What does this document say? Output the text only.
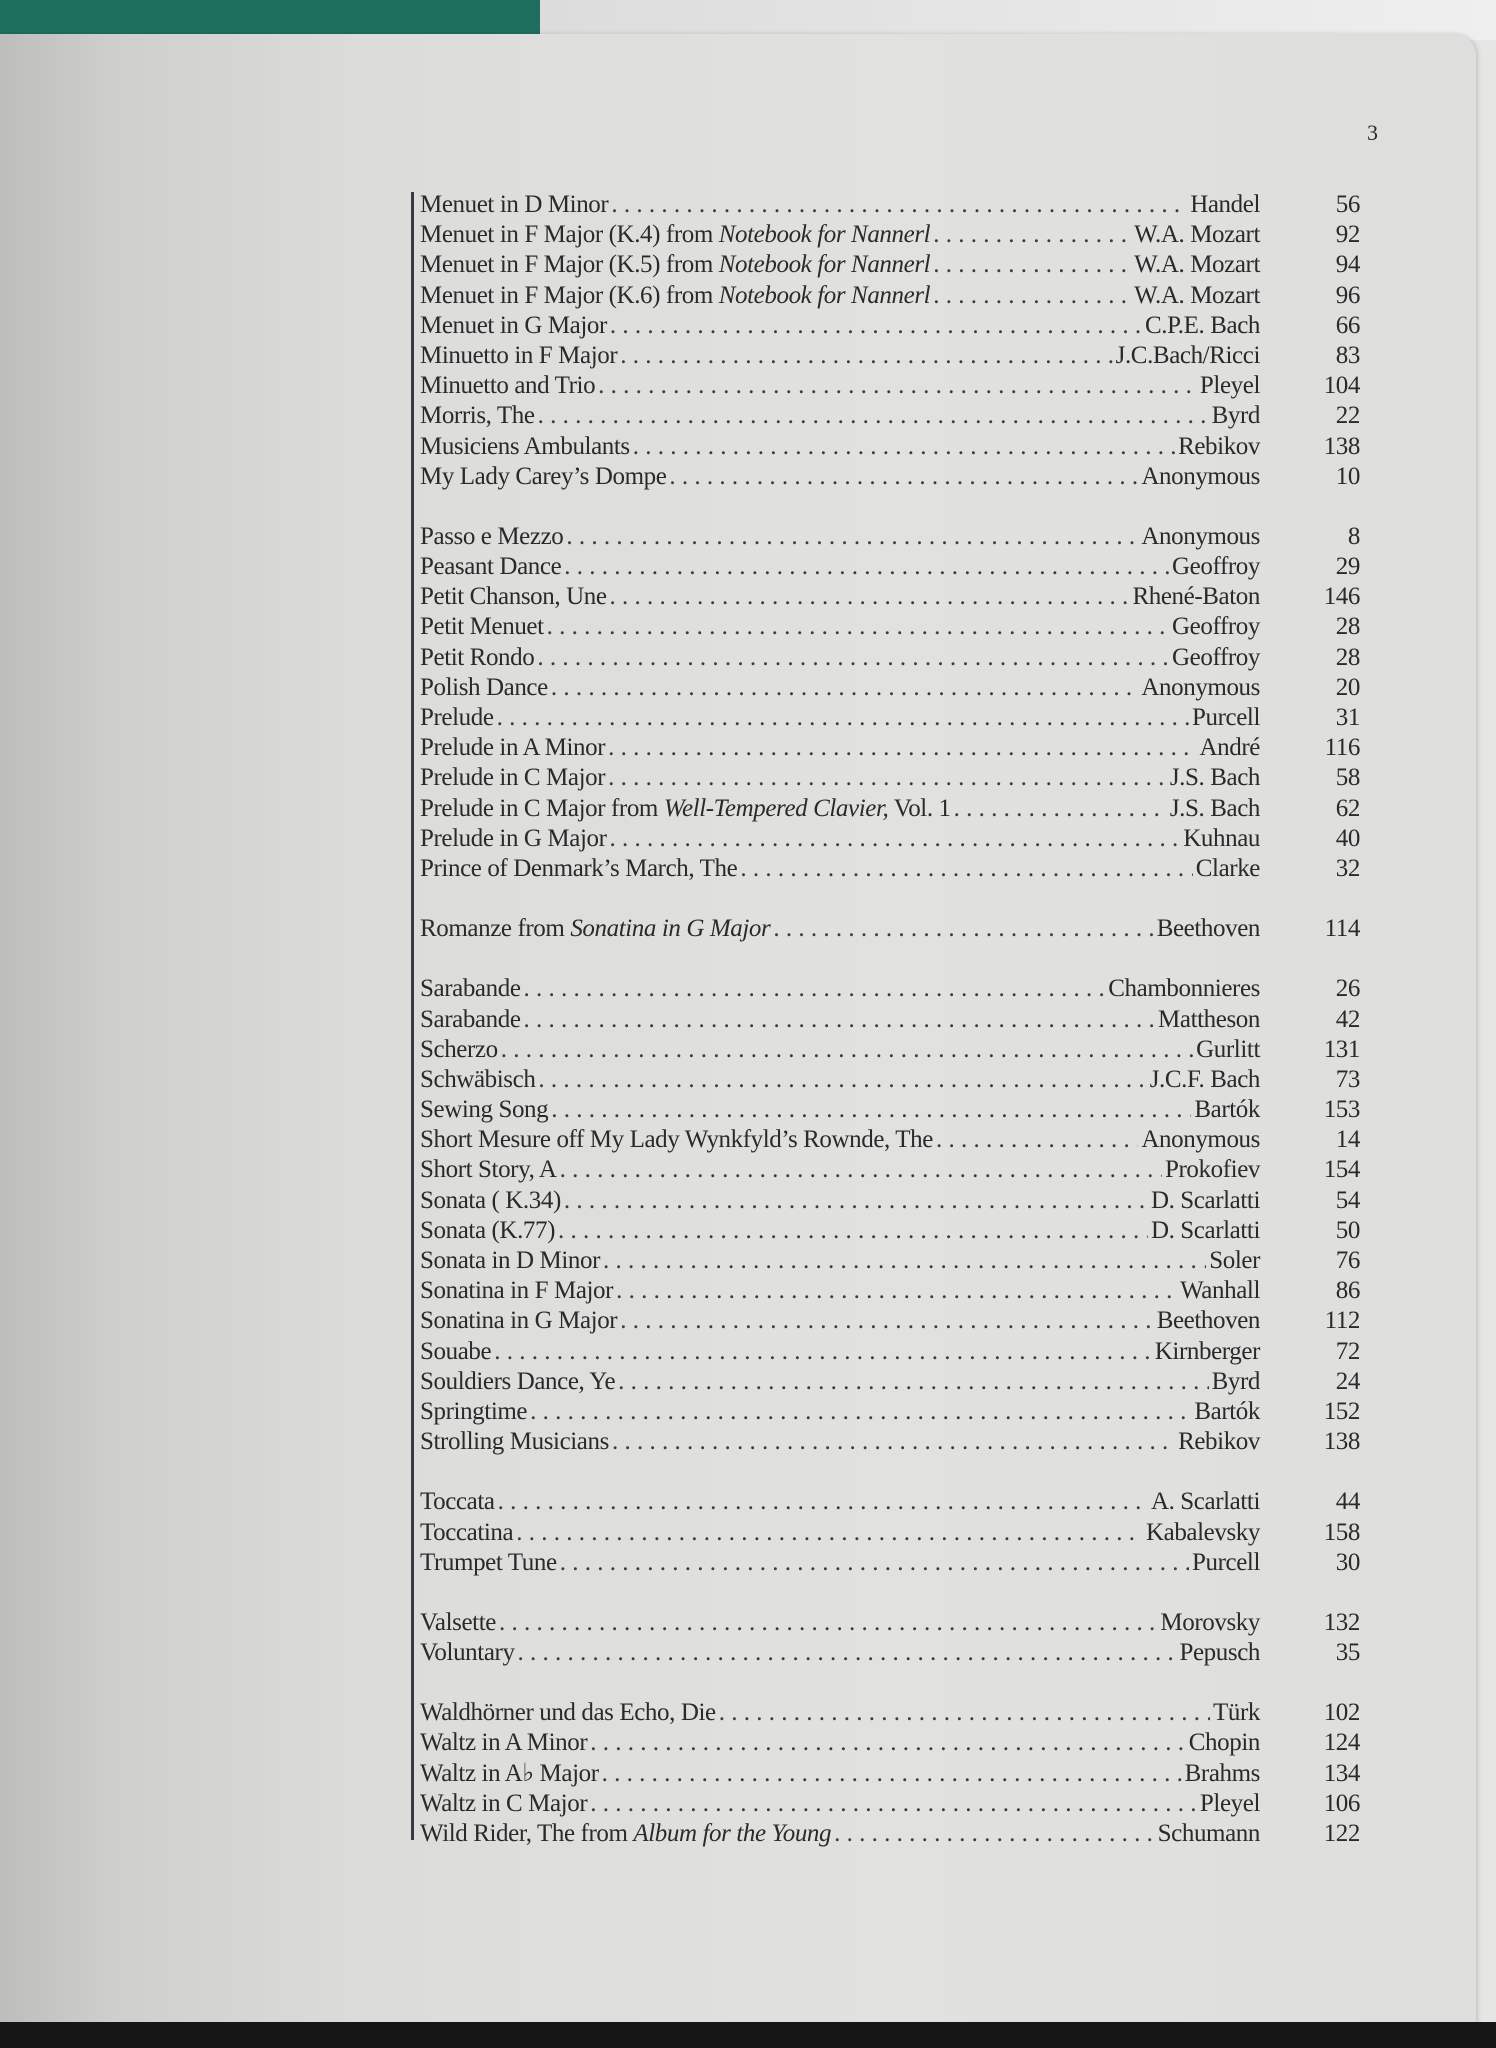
3
Menuet in D Minor . . .	Handel	56
Menuet in F Major (K.4) from Notebook for Nannerl . . .	W.A. Mozart	92
Menuet in F Major (K.5) from Notebook for Nannerl . . .	W.A. Mozart	94
Menuet in F Major (K.6) from Notebook for Nannerl . . .	W.A. Mozart	96
Menuet in G Major . . .	C.P.E. Bach	66
Minuetto in F Major . . .	J.C.Bach/Ricci	83
Minuetto and Trio . . .	Pleyel	104
Morris, The . . .	Byrd	22
Musiciens Ambulants . . .	Rebikov	138
My Lady Carey’s Dompe . . .	Anonymous	10
Passo e Mezzo . . .	Anonymous	8
Peasant Dance . . .	Geoffroy	29
Petit Chanson, Une . . .	Rhené-Baton	146
Petit Menuet . . .	Geoffroy	28
Petit Rondo . . .	Geoffroy	28
Polish Dance . . .	Anonymous	20
Prelude . . .	Purcell	31
Prelude in A Minor . . .	André	116
Prelude in C Major . . .	J.S. Bach	58
Prelude in C Major from Well-Tempered Clavier, Vol. 1 . . .	J.S. Bach	62
Prelude in G Major . . .	Kuhnau	40
Prince of Denmark’s March, The . . .	Clarke	32
Romanze from Sonatina in G Major . . .	Beethoven	114
Sarabande . . .	Chambonnieres	26
Sarabande . . .	Mattheson	42
Scherzo . . .	Gurlitt	131
Schwäbisch . . .	J.C.F. Bach	73
Sewing Song . . .	Bartók	153
Short Mesure off My Lady Wynkfyld’s Rownde, The . . .	Anonymous	14
Short Story, A . . .	Prokofiev	154
Sonata ( K.34) . . .	D. Scarlatti	54
Sonata (K.77) . . .	D. Scarlatti	50
Sonata in D Minor . . .	Soler	76
Sonatina in F Major . . .	Wanhall	86
Sonatina in G Major . . .	Beethoven	112
Souabe . . .	Kirnberger	72
Souldiers Dance, Ye . . .	Byrd	24
Springtime . . .	Bartók	152
Strolling Musicians . . .	Rebikov	138
Toccata . . .	A. Scarlatti	44
Toccatina . . .	Kabalevsky	158
Trumpet Tune . . .	Purcell	30
Valsette . . .	Morovsky	132
Voluntary . . .	Pepusch	35
Waldhörner und das Echo, Die . . .	Türk	102
Waltz in A Minor . . .	Chopin	124
Waltz in A♭ Major . . .	Brahms	134
Waltz in C Major . . .	Pleyel	106
Wild Rider, The from Album for the Young . . .	Schumann	122
